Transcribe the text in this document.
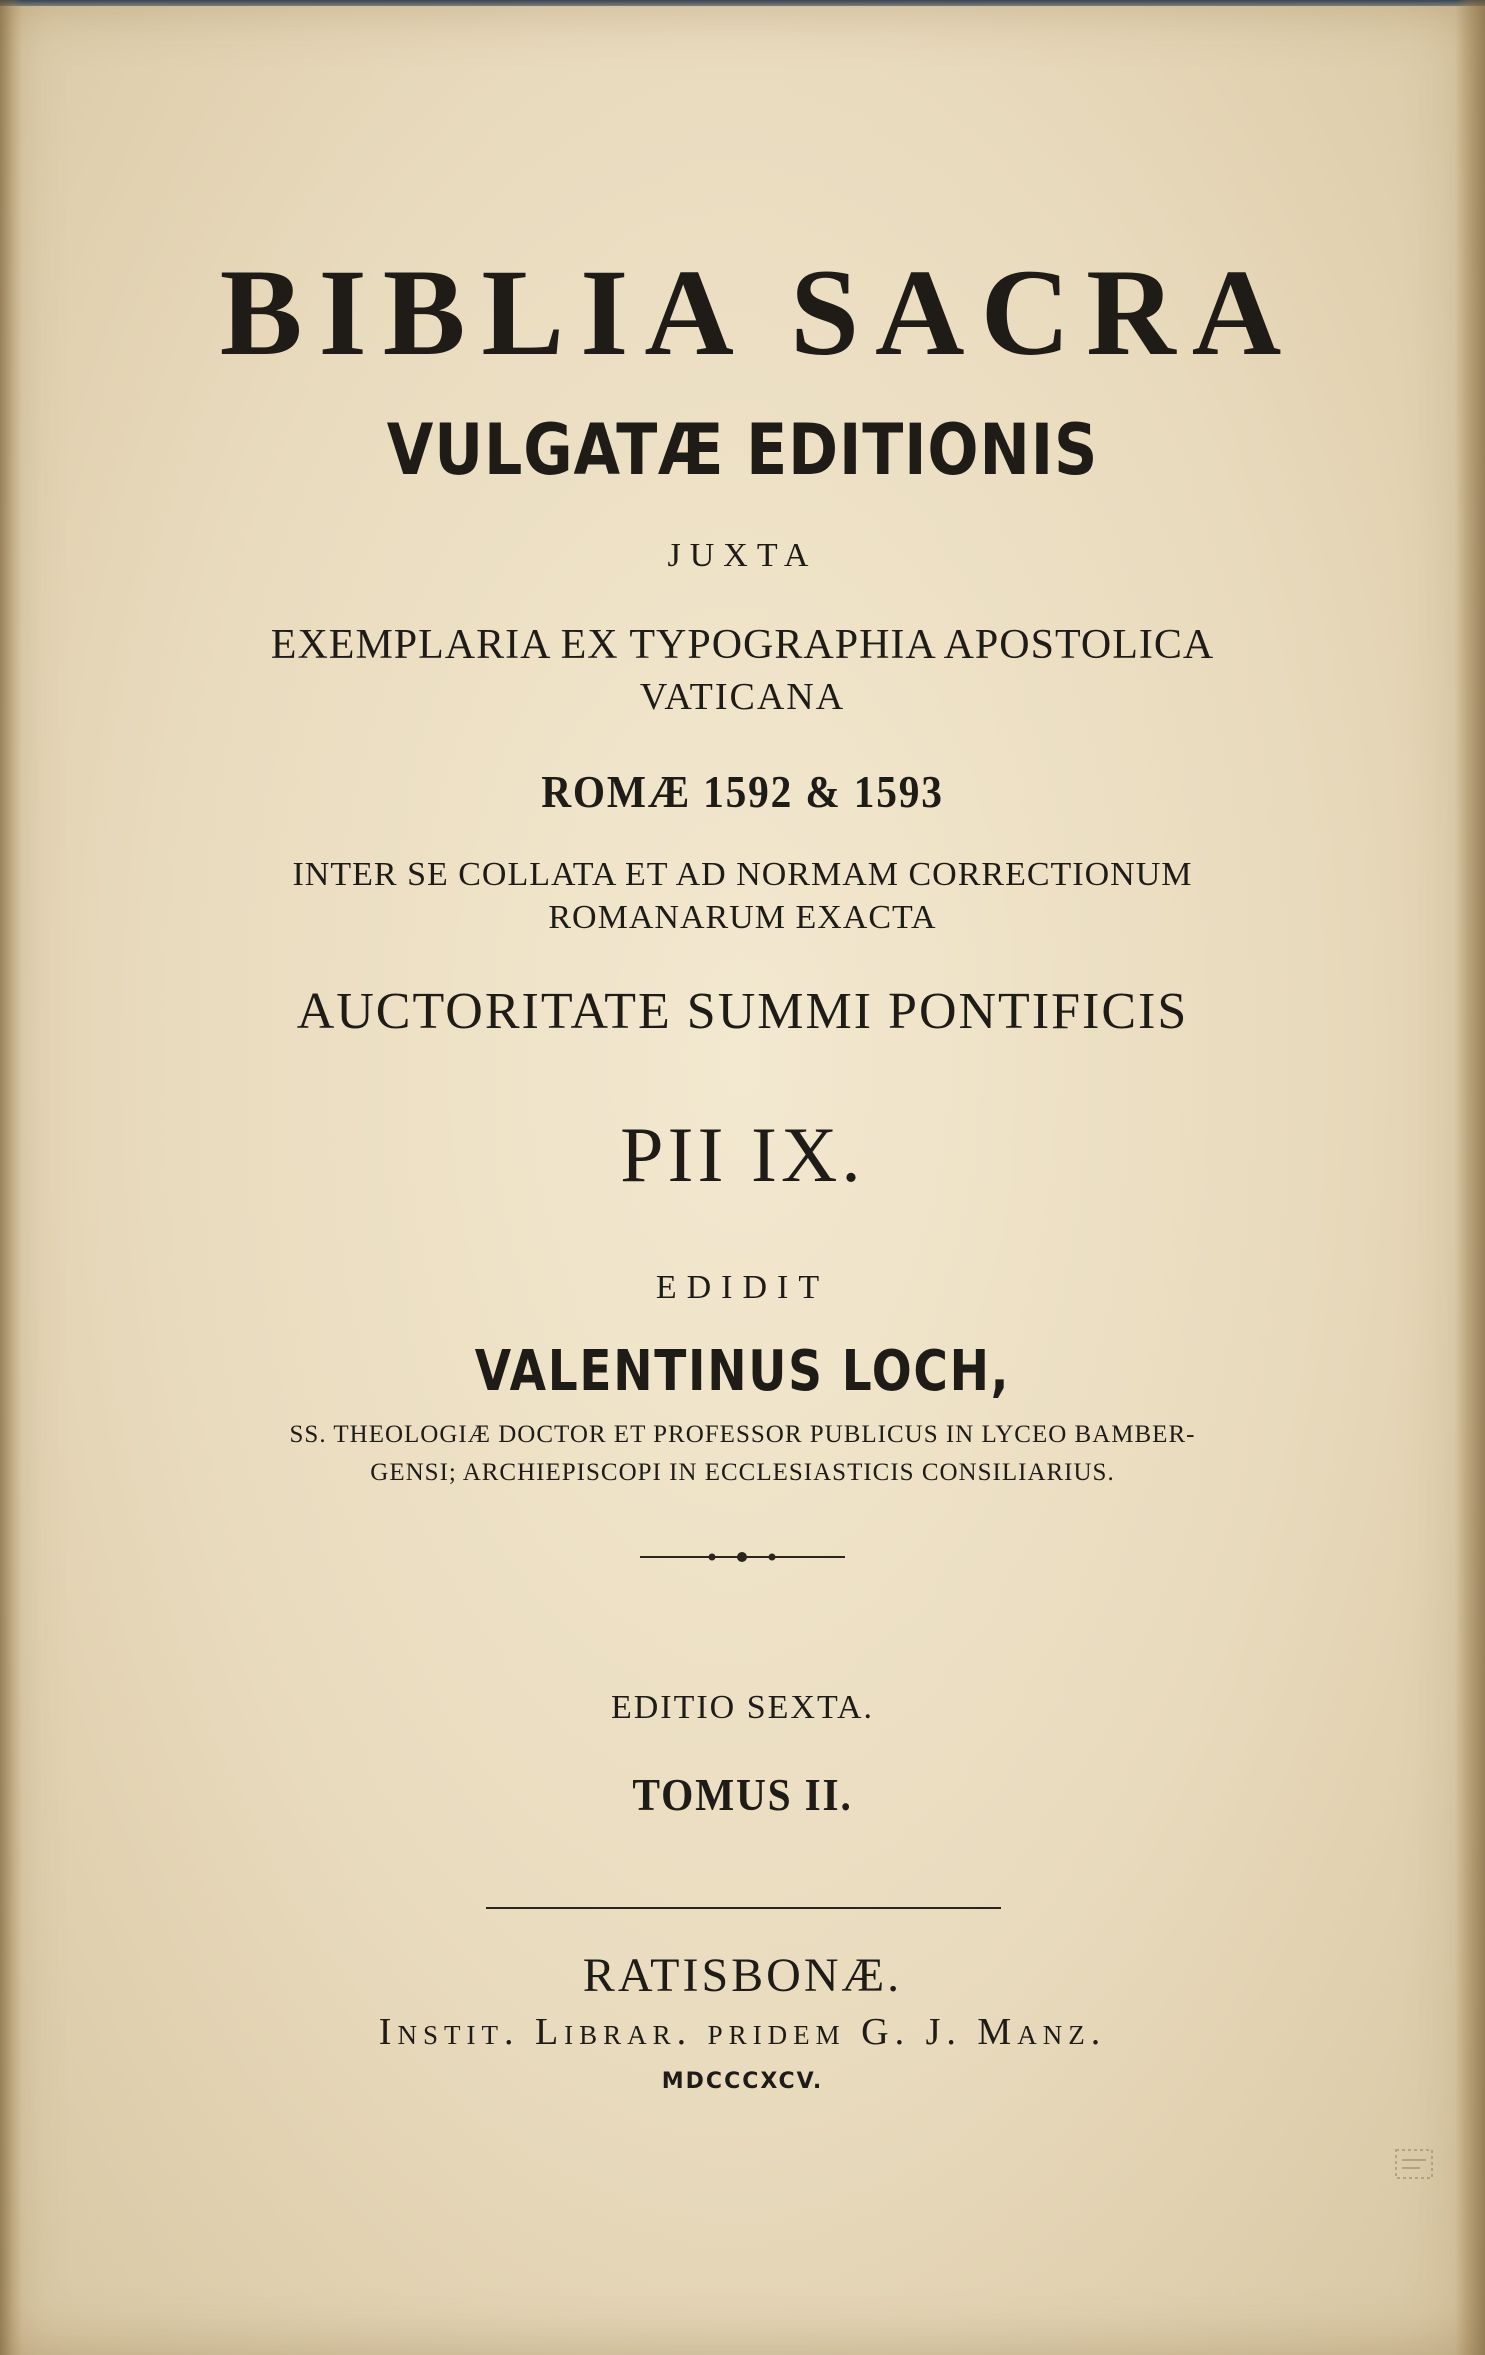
BIBLIA SACRA
VULGATÆ EDITIONIS
JUXTA
EXEMPLARIA EX TYPOGRAPHIA APOSTOLICA
VATICANA
ROMÆ 1592 & 1593
INTER SE COLLATA ET AD NORMAM CORRECTIONUM
ROMANARUM EXACTA
AUCTORITATE SUMMI PONTIFICIS
PII IX.
EDIDIT
VALENTINUS LOCH,
SS. THEOLOGIÆ DOCTOR ET PROFESSOR PUBLICUS IN LYCEO BAMBER-
GENSI; ARCHIEPISCOPI IN ECCLESIASTICIS CONSILIARIUS.
EDITIO SEXTA.
TOMUS II.
RATISBONÆ.
Instit. Librar. pridem G. J. Manz.
MDCCCXCV.
